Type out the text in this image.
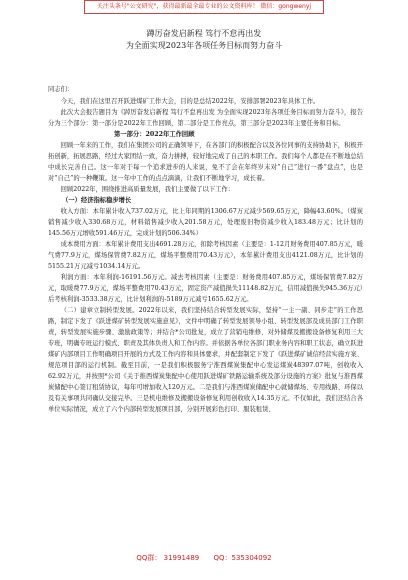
关注头条号"公文研究"，获得最新最全最专业的公文资料库！ 微信：gongwenyj
蹲厉奋发启新程 笃行不怠再出发
为全面实现2023年各项任务目标而努力奋斗
同志们：

今天，我们在这里召开跃进煤矿工作大会，目的是总结2022年，安排部署2023年具体工作。

此次大会报告题目为《踔厉奋发启新程 笃行不怠再出发 为全面实现2023年各项任务目标而努力奋斗》，报告分为三个部分：第一部分是2022年工作回顾，第二部分是工作亮点，第三部分是2023年主要任务和目标。

第一部分：2022年工作回顾

回顾一年来的工作，我们在集团公司的正确领导下，在各部门的积极配合以及各位同事的支持协助下，积极开拓创新，拓展思路，经过大家团结一致，奋力拼搏，较好地完成了自己的本职工作。我们每个人都是在不断地总结中成长完善自己。这一年对于每一个追求进步的人来说，免不了会在年终岁末对“自己”进行一番“盘点”，也是对“自己”的一种鞭策。这一年中工作的点点滴滴，让我们不断地学习，成长着。

回顾2022年，围绕推进高质量发展，我们主要做了以下工作：

（一）经济指标稳步增长

收入方面：本年累计收入737.02万元，比上年同期的1306.67万元减少569.65万元，降幅43.60%。（煤炭销售减少收入330.68万元，材料销售减少收入201.58万元，处理废旧物资减少收入183.48万元；比计划的145.56万元增收591.46万元，完成计划的506.34%）

成本费用方面：本年累计费用支出4691.28万元，扣除考核因素（主要是：1-12月财务费用407.85万元，暖气费77.9万元，煤场保管费7.82万元，煤场平整费用70.43万元），本年累计费用支出4121.08万元，比计划的5155.21万元减亏1034.14万元。

利润方面：本年利润-16191.56万元。减去考核因素（主要是：财务费用407.85万元，煤场保管费7.82万元，取暖费77.9万元，煤场平整费用70.43万元，固定资产减值损失11148.82万元，信用减值损失945.36万元）后考核利润-3533.38万元，比计划利润的-5189万元减亏1655.62万元。

（二）建章立制转型发展。2022年以来，我们坚持结合转型发展实际，坚持“一主一副、同步走”的工作思路，制定下发了《跃进煤矿转型发展实施意见》，文件中明确了转型发展领导小组、转型发展部及成员部门工作职责，转型发展实施步骤、激励政策等；并结合*公司批复，成立了营销电维修、对外储煤及搬搬设备修复利用三大专班，明确专班运行模式、职责及其体负责人和工作内容。并依据各单位各部门职业务内容和职工状态，确立跃进煤矿内部项目工作明确项目开展的方式及工作内容和具体要求，并配套制定下发了《跃进煤矿诚信经营实施方案、规范项目部的运行机制。截至目前，一是我们积极服务宁淮西煤炭集配中心发运煤炭48397.07吨，创收收入62.92万元，并按照*公司《关于推西煤炭集配中心使用跃进煤矿铁路运输系统及部分设施的方案》批复与淮西煤炭储配中心签订租赁协议，每年可增加收入120万元。二是我们与淮西煤炭储配中心就储煤场、专用线路、环保以及有关事项共同确认交接完毕。三是机电维修及搬搬设备修复利用创收收入14.35万元。不仅如此，我们还结合各单位实际情况，成立了六个内部转型发展项目部，分别开展彩色打印、服装租赁、

QQ群： 31991489 QQ：535304092
